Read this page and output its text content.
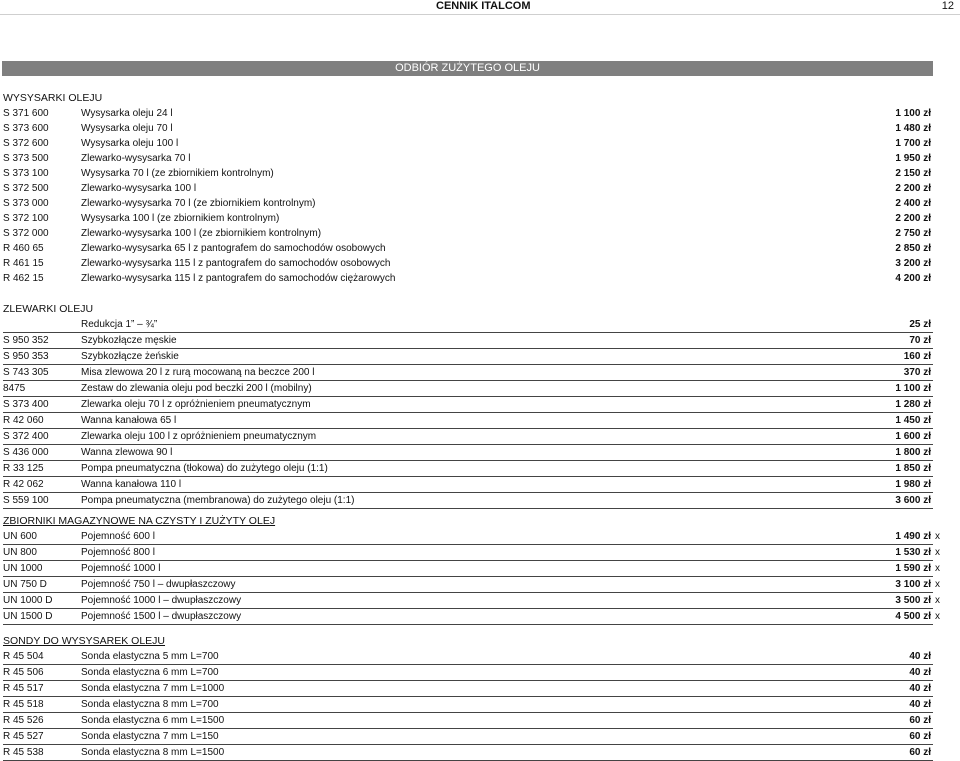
CENNIK ITALCOM	12
ODBIÓR ZUŻYTEGO OLEJU
WYSYSARKI OLEJU
S 371 600	Wysysarka oleju 24 l	1 100 zł
S 373 600	Wysysarka oleju 70 l	1 480 zł
S 372 600	Wysysarka oleju 100 l	1 700 zł
S 373 500	Zlewarko-wysysarka 70 l	1 950 zł
S 373 100	Wysysarka 70 l (ze zbiornikiem kontrolnym)	2 150 zł
S 372 500	Zlewarko-wysysarka 100 l	2 200 zł
S 373 000	Zlewarko-wysysarka 70 l (ze zbiornikiem kontrolnym)	2 400 zł
S 372 100	Wysysarka 100 l (ze zbiornikiem kontrolnym)	2 200 zł
S 372 000	Zlewarko-wysysarka 100 l (ze zbiornikiem kontrolnym)	2 750 zł
R 460 65	Zlewarko-wysysarka 65 l z pantografem do samochodów osobowych	2 850 zł
R 461 15	Zlewarko-wysysarka 115 l z pantografem do samochodów osobowych	3 200 zł
R 462 15	Zlewarko-wysysarka 115 l z pantografem do samochodów ciężarowych	4 200 zł
ZLEWARKI OLEJU
Redukcja 1” – ¾”	25 zł
S 950 352	Szybkozłącze męskie	70 zł
S 950 353	Szybkozłącze żeńskie	160 zł
S 743 305	Misa zlewowa 20 l z rurą mocowaną na beczce 200 l	370 zł
8475	Zestaw do zlewania oleju pod beczki 200 l (mobilny)	1 100 zł
S 373 400	Zlewarka oleju 70 l z opróżnieniem pneumatycznym	1 280 zł
R 42 060	Wanna kanałowa 65 l	1 450 zł
S 372 400	Zlewarka oleju 100 l z opróżnieniem pneumatycznym	1 600 zł
S 436 000	Wanna zlewowa 90 l	1 800 zł
R 33 125	Pompa pneumatyczna (tłokowa) do zużytego oleju (1:1)	1 850 zł
R 42 062	Wanna kanałowa 110 l	1 980 zł
S 559 100	Pompa pneumatyczna (membranowa) do zużytego oleju (1:1)	3 600 zł
ZBIORNIKI MAGAZYNOWE NA CZYSTY I ZUŻYTY OLEJ
UN 600	Pojemność 600 l	1 490 zł x
UN 800	Pojemność 800 l	1 530 zł x
UN 1000	Pojemność 1000 l	1 590 zł x
UN 750 D	Pojemność 750 l – dwupłaszczowy	3 100 zł x
UN 1000 D	Pojemność 1000 l – dwupłaszczowy	3 500 zł x
UN 1500 D	Pojemność 1500 l – dwupłaszczowy	4 500 zł x
SONDY DO WYSYSAREK OLEJU
R 45 504	Sonda elastyczna 5 mm L=700	40 zł
R 45 506	Sonda elastyczna 6 mm L=700	40 zł
R 45 517	Sonda elastyczna 7 mm L=1000	40 zł
R 45 518	Sonda elastyczna 8 mm L=700	40 zł
R 45 526	Sonda elastyczna 6 mm L=1500	60 zł
R 45 527	Sonda elastyczna 7 mm L=150	60 zł
R 45 538	Sonda elastyczna 8 mm L=1500	60 zł
